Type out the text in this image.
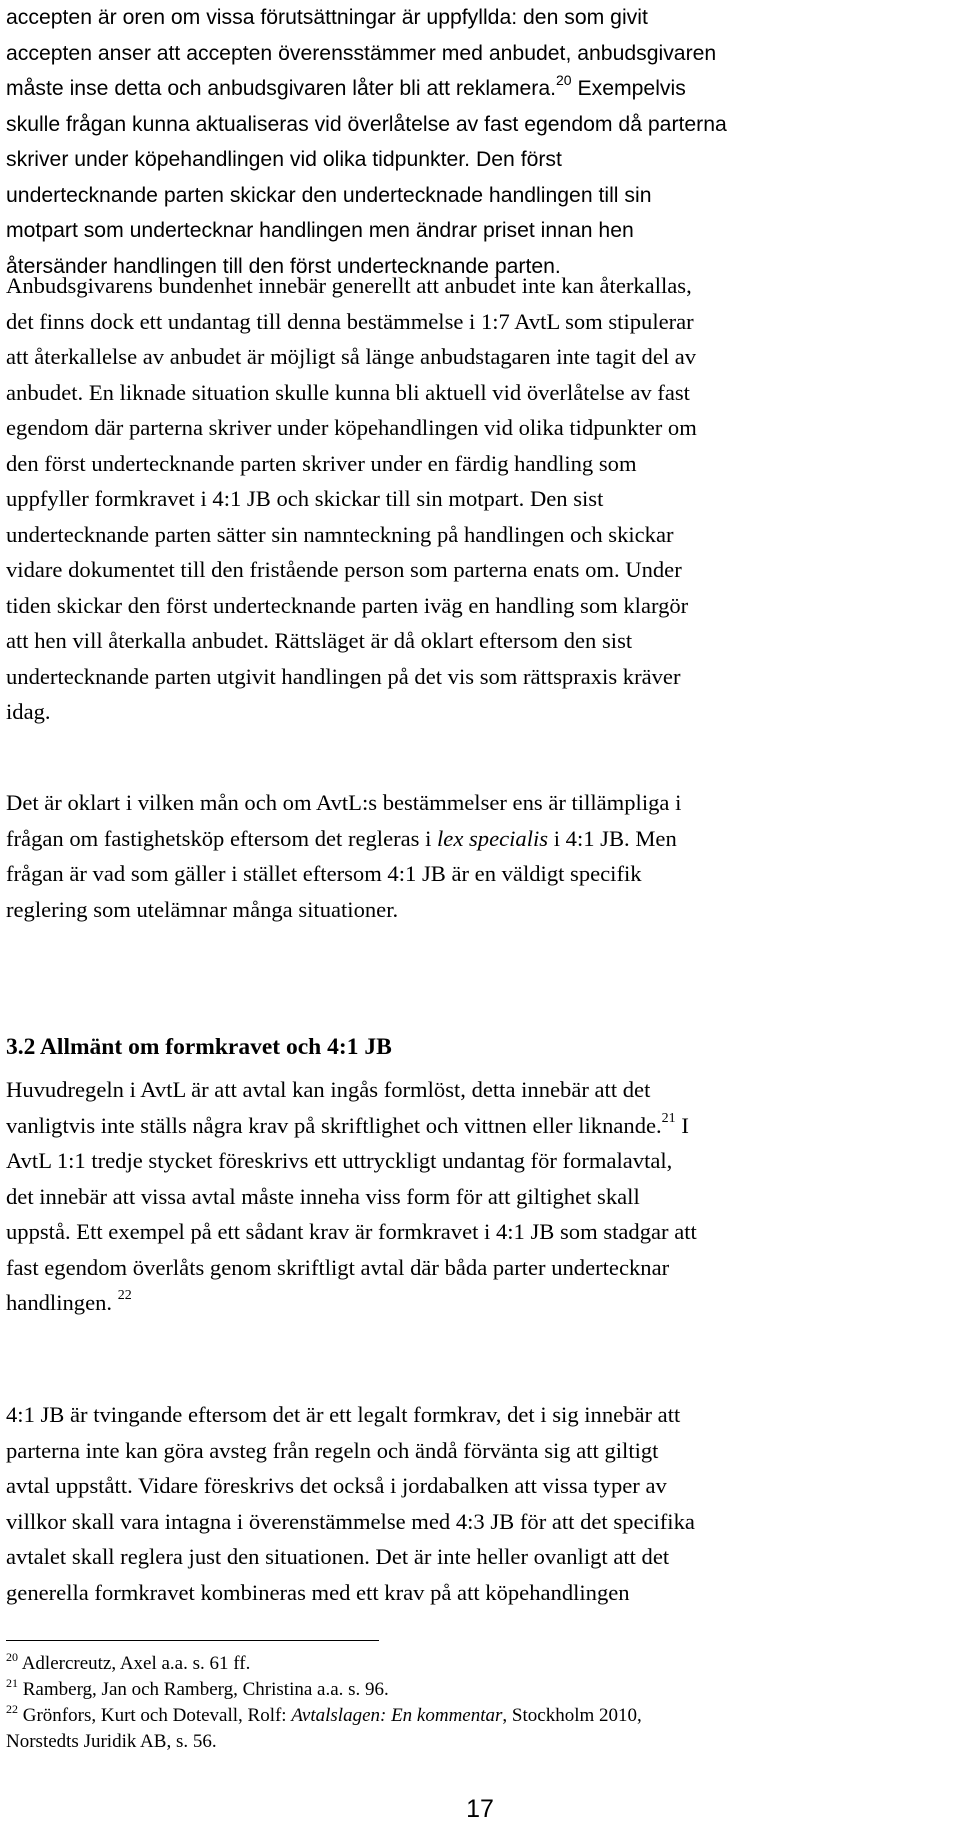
accepten är oren om vissa förutsättningar är uppfyllda: den som givit
accepten anser att accepten överensstämmer med anbudet, anbudsgivaren
måste inse detta och anbudsgivaren låter bli att reklamera.$^{20}$ Exempelvis
skulle frågan kunna aktualiseras vid överlåtelse av fast egendom då parterna
skriver under köpehandlingen vid olika tidpunkter. Den först
undertecknande parten skickar den undertecknade handlingen till sin
motpart som undertecknar handlingen men ändrar priset innan hen
återsänder handlingen till den först undertecknande parten.

Anbudsgivarens bundenhet innebär generellt att anbudet inte kan återkallas,
det finns dock ett undantag till denna bestämmelse i 1:7 AvtL som stipulerar
att återkallelse av anbudet är möjligt så länge anbudstagaren inte tagit del av
anbudet. En liknade situation skulle kunna bli aktuell vid överlåtelse av fast
egendom där parterna skriver under köpehandlingen vid olika tidpunkter om
den först undertecknande parten skriver under en färdig handling som
uppfyller formkravet i 4:1 JB och skickar till sin motpart. Den sist
undertecknande parten sätter sin namnteckning på handlingen och skickar
vidare dokumentet till den fristående person som parterna enats om. Under
tiden skickar den först undertecknande parten iväg en handling som klargör
att hen vill återkalla anbudet. Rättsläget är då oklart eftersom den sist
undertecknande parten utgivit handlingen på det vis som rättspraxis kräver
idag.

Det är oklart i vilken mån och om AvtL:s bestämmelser ens är tillämpliga i
frågan om fastighetsköp eftersom det regleras i lex specialis i 4:1 JB. Men
frågan är vad som gäller i stället eftersom 4:1 JB är en väldigt specifik
reglering som utelämnar många situationer.

3.2 Allmänt om formkravet och 4:1 JB

Huvudregeln i AvtL är att avtal kan ingås formlöst, detta innebär att det
vanligtvis inte ställs några krav på skriftlighet och vittnen eller liknande.$^{21}$ I
AvtL 1:1 tredje stycket föreskrivs ett uttryckligt undantag för formalavtal,
det innebär att vissa avtal måste inneha viss form för att giltighet skall
uppstå. Ett exempel på ett sådant krav är formkravet i 4:1 JB som stadgar att
fast egendom överlåts genom skriftligt avtal där båda parter undertecknar
handlingen. $^{22}$

4:1 JB är tvingande eftersom det är ett legalt formkrav, det i sig innebär att
parterna inte kan göra avsteg från regeln och ändå förvänta sig att giltigt
avtal uppstått. Vidare föreskrivs det också i jordabalken att vissa typer av
villkor skall vara intagna i överenstämmelse med 4:3 JB för att det specifika
avtalet skall reglera just den situationen. Det är inte heller ovanligt att det
generella formkravet kombineras med ett krav på att köpehandlingen

$^{20}$ Adlercreutz, Axel a.a. s. 61 ff.
$^{21}$ Ramberg, Jan och Ramberg, Christina a.a. s. 96.
$^{22}$ Grönfors, Kurt och Dotevall, Rolf: Avtalslagen: En kommentar, Stockholm 2010,
Norstedts Juridik AB, s. 56.
17
